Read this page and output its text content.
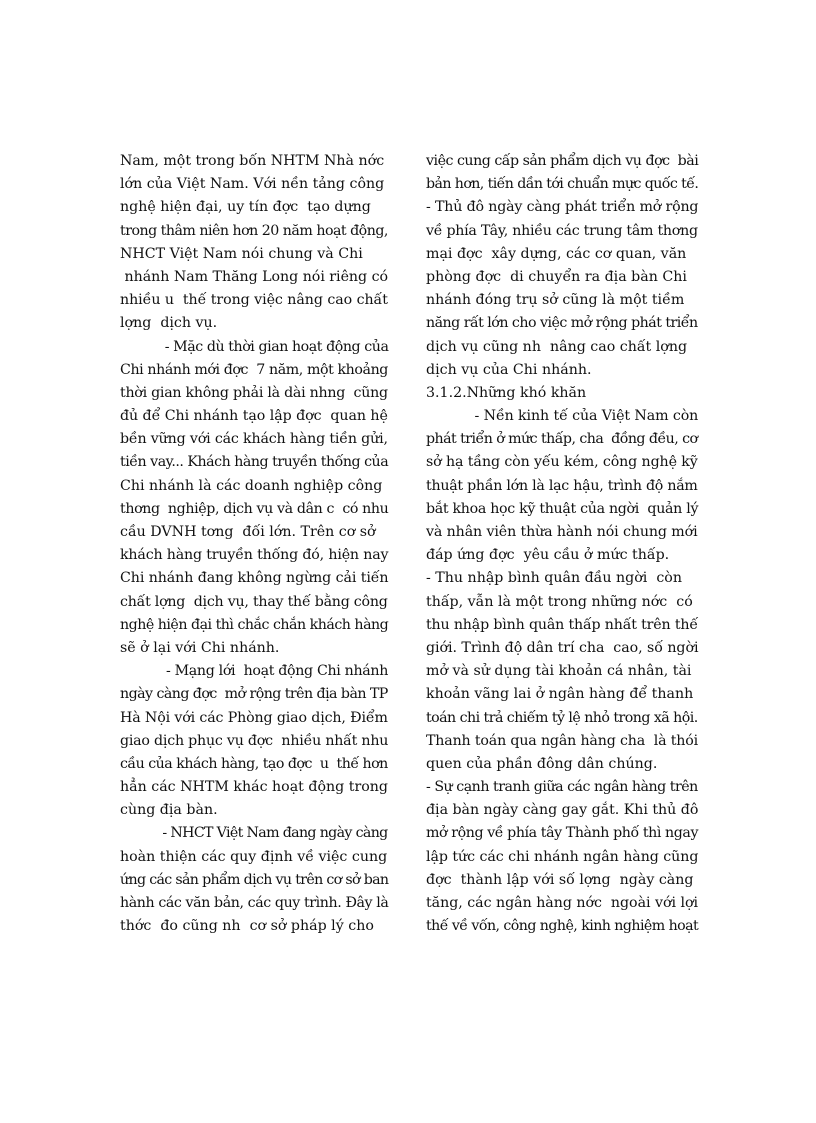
Nam, một trong bốn NHTM Nhà nớc
lớn của Việt Nam. Với nền tảng công
nghệ hiện đại, uy tín đợc  tạo dựng
trong thâm niên hơn 20 năm hoạt động,
NHCT Việt Nam nói chung và Chi
nhánh Nam Thăng Long nói riêng có
nhiều u  thế trong việc nâng cao chất
lợng  dịch vụ.
- Mặc dù thời gian hoạt động của
Chi nhánh mới đợc  7 năm, một khoảng
thời gian không phải là dài nhng  cũng
đủ để Chi nhánh tạo lập đợc  quan hệ
bền vững với các khách hàng tiền gửi,
tiền vay... Khách hàng truyền thống của
Chi nhánh là các doanh nghiệp công
thơng  nghiệp, dịch vụ và dân c  có nhu
cầu DVNH tơng  đối lớn. Trên cơ sở
khách hàng truyền thống đó, hiện nay
Chi nhánh đang không ngừng cải tiến
chất lợng  dịch vụ, thay thế bằng công
nghệ hiện đại thì chắc chắn khách hàng
sẽ ở lại với Chi nhánh.
- Mạng lới  hoạt động Chi nhánh
ngày càng đợc  mở rộng trên địa bàn TP
Hà Nội với các Phòng giao dịch, Điểm
giao dịch phục vụ đợc  nhiều nhất nhu
cầu của khách hàng, tạo đợc  u  thế hơn
hẳn các NHTM khác hoạt động trong
cùng địa bàn.
- NHCT Việt Nam đang ngày càng
hoàn thiện các quy định về việc cung
ứng các sản phẩm dịch vụ trên cơ sở ban
hành các văn bản, các quy trình. Đây là
thớc  đo cũng nh  cơ sở pháp lý cho
việc cung cấp sản phẩm dịch vụ đợc  bài
bản hơn, tiến dần tới chuẩn mực quốc tế.
- Thủ đô ngày càng phát triển mở rộng
về phía Tây, nhiều các trung tâm thơng
mại đợc  xây dựng, các cơ quan, văn
phòng đợc  di chuyển ra địa bàn Chi
nhánh đóng trụ sở cũng là một tiềm
năng rất lớn cho việc mở rộng phát triển
dịch vụ cũng nh  nâng cao chất lợng
dịch vụ của Chi nhánh.
3.1.2.Những khó khăn
- Nền kinh tế của Việt Nam còn
phát triển ở mức thấp, cha  đồng đều, cơ
sở hạ tầng còn yếu kém, công nghệ kỹ
thuật phần lớn là lạc hậu, trình độ nắm
bắt khoa học kỹ thuật của ngời  quản lý
và nhân viên thừa hành nói chung mới
đáp ứng đợc  yêu cầu ở mức thấp.
- Thu nhập bình quân đầu ngời  còn
thấp, vẫn là một trong những nớc  có
thu nhập bình quân thấp nhất trên thế
giới. Trình độ dân trí cha  cao, số ngời
mở và sử dụng tài khoản cá nhân, tài
khoản vãng lai ở ngân hàng để thanh
toán chi trả chiếm tỷ lệ nhỏ trong xã hội.
Thanh toán qua ngân hàng cha  là thói
quen của phần đông dân chúng.
- Sự cạnh tranh giữa các ngân hàng trên
địa bàn ngày càng gay gắt. Khi thủ đô
mở rộng về phía tây Thành phố thì ngay
lập tức các chi nhánh ngân hàng cũng
đợc  thành lập với số lợng  ngày càng
tăng, các ngân hàng nớc  ngoài với lợi
thế về vốn, công nghệ, kinh nghiệm hoạt
